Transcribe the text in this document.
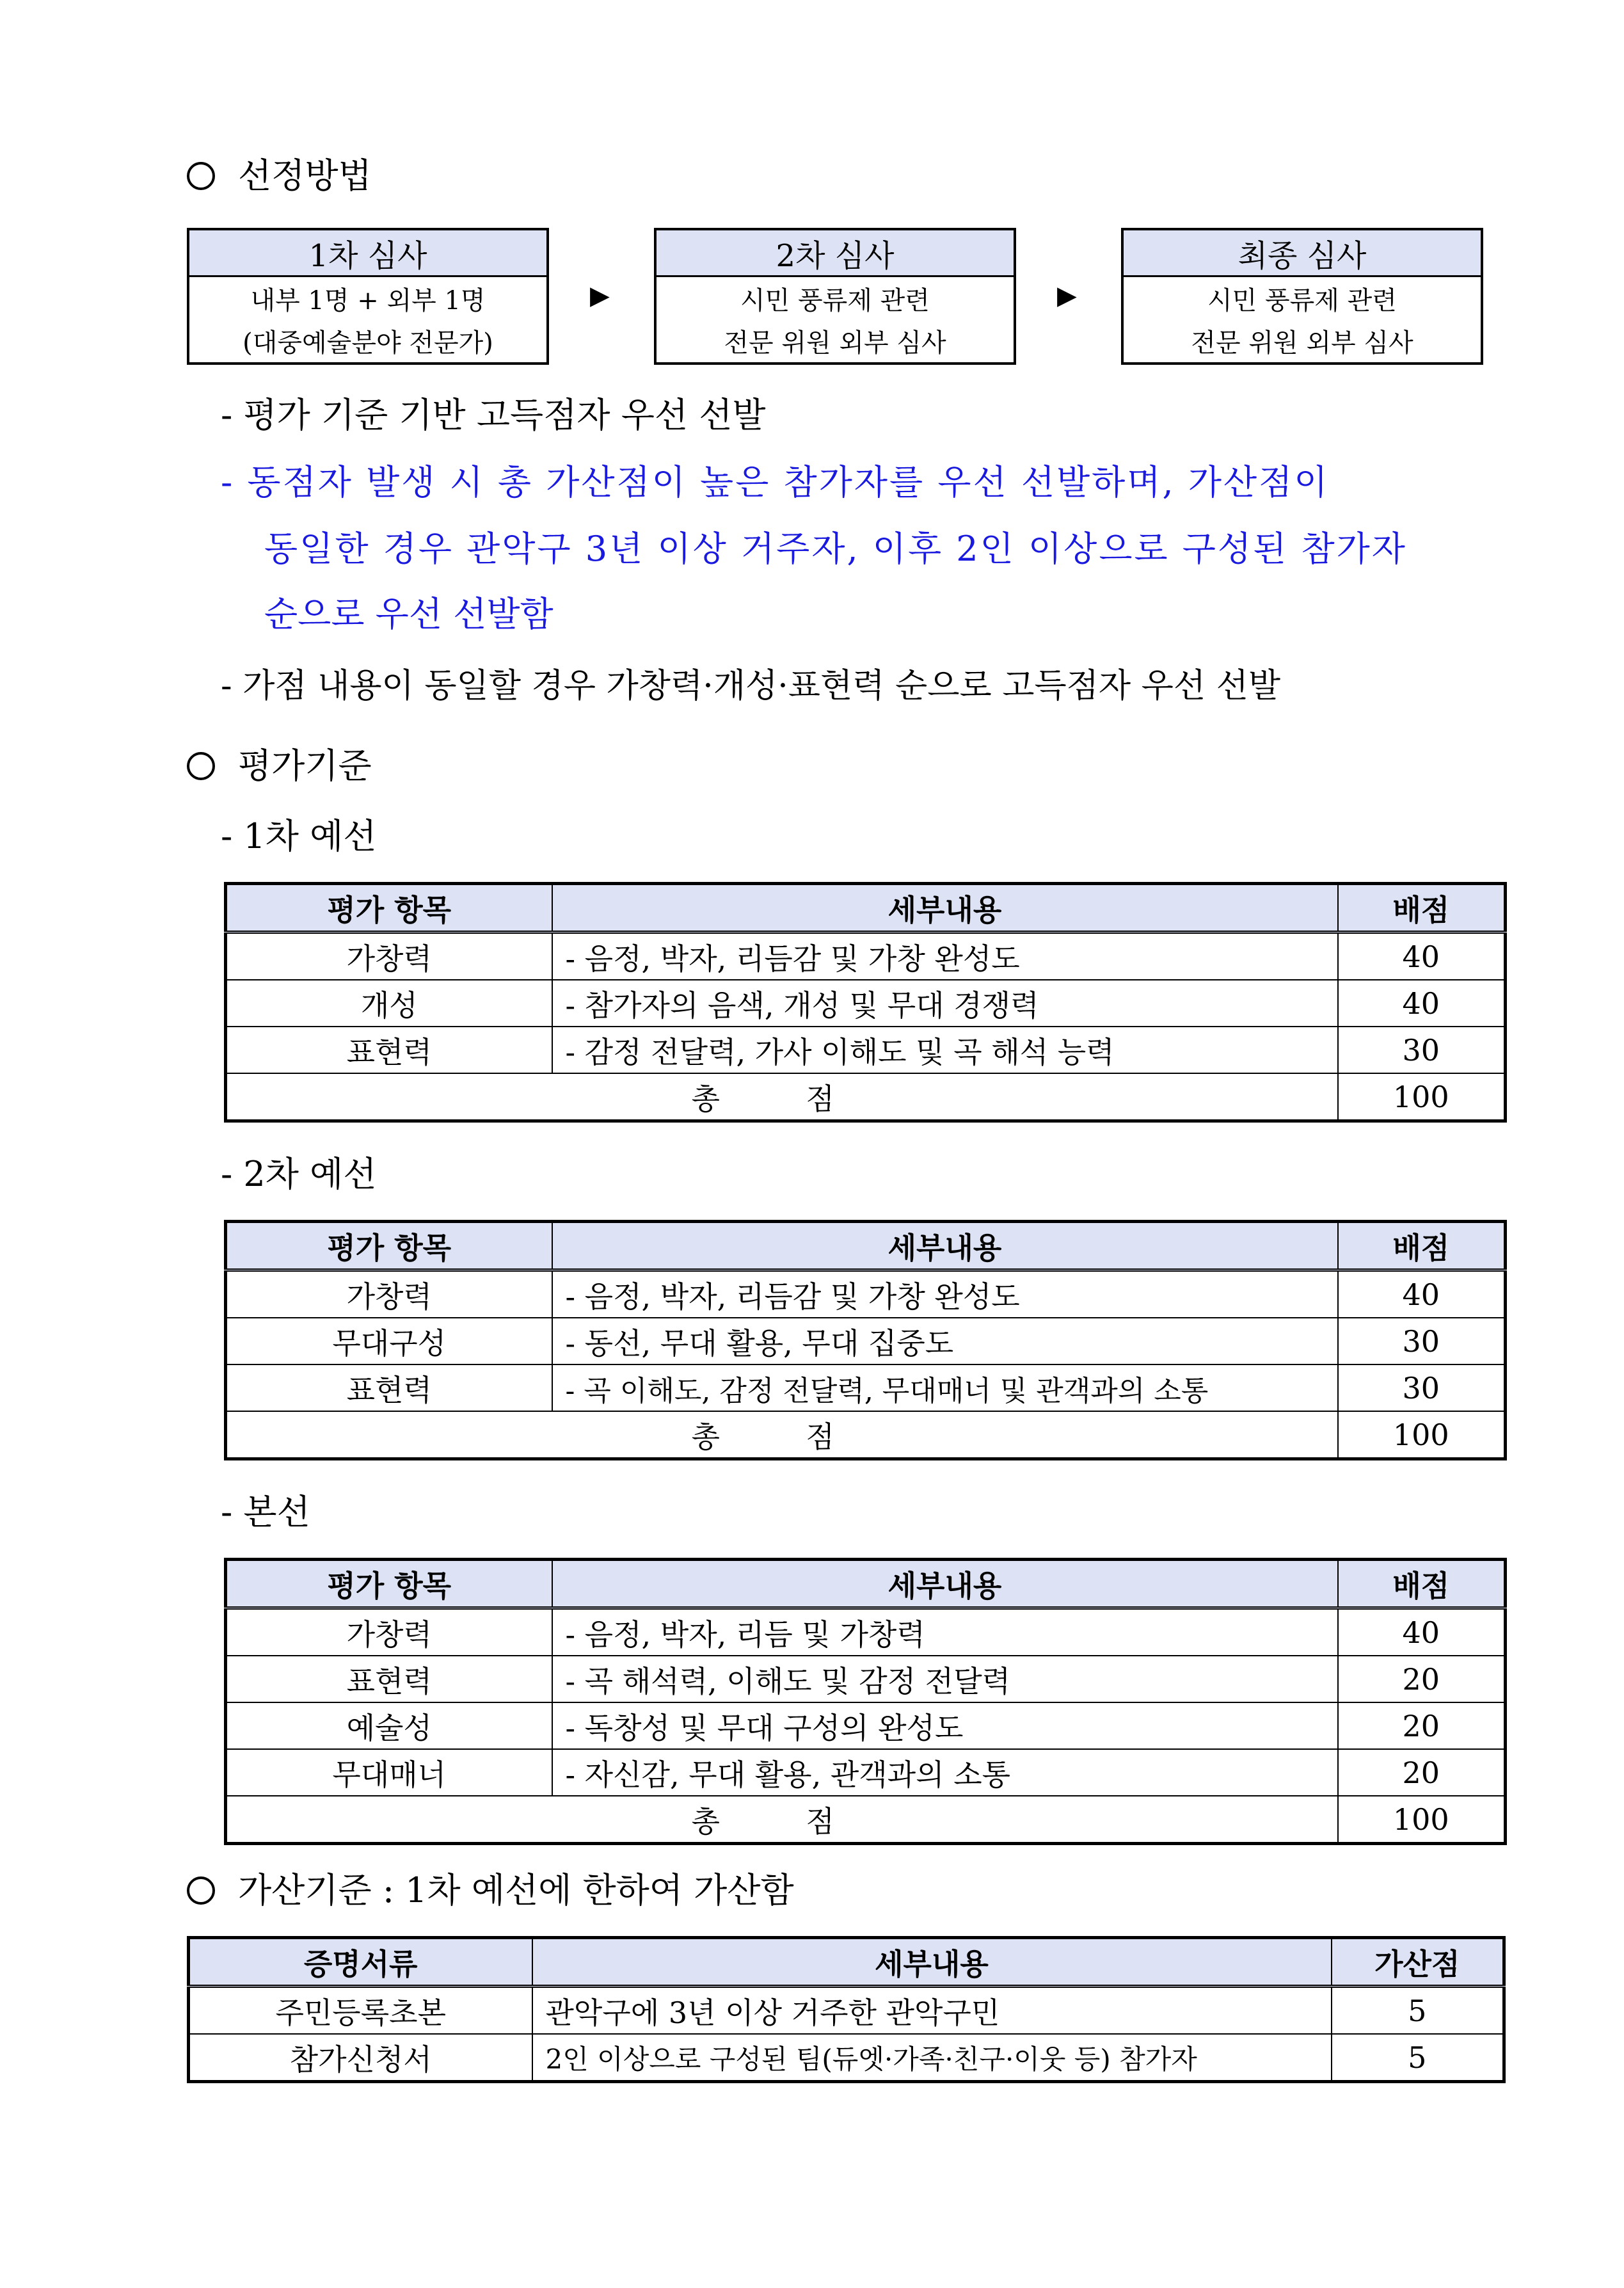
선정방법
1차 심사
내부 1명 + 외부 1명
(대중예술분야 전문가)
▶
2차 심사
시민 풍류제 관련
전문 위원 외부 심사
▶
최종 심사
시민 풍류제 관련
전문 위원 외부 심사
- 평가 기준 기반 고득점자 우선 선발
- 동점자 발생 시 총 가산점이 높은 참가자를 우선 선발하며, 가산점이
동일한 경우 관악구 3년 이상 거주자, 이후 2인 이상으로 구성된 참가자
순으로 우선 선발함
- 가점 내용이 동일할 경우 가창력·개성·표현력 순으로 고득점자 우선 선발
평가기준
- 1차 예선
평가 항목	세부내용	배점
가창력	- 음정, 박자, 리듬감 및 가창 완성도	40
개성	- 참가자의 음색, 개성 및 무대 경쟁력	40
표현력	- 감정 전달력, 가사 이해도 및 곡 해석 능력	30
총 점		100
- 2차 예선
평가 항목	세부내용	배점
가창력	- 음정, 박자, 리듬감 및 가창 완성도	40
무대구성	- 동선, 무대 활용, 무대 집중도	30
표현력	- 곡 이해도, 감정 전달력, 무대매너 및 관객과의 소통	30
총 점		100
- 본선
평가 항목	세부내용	배점
가창력	- 음정, 박자, 리듬 및 가창력	40
표현력	- 곡 해석력, 이해도 및 감정 전달력	20
예술성	- 독창성 및 무대 구성의 완성도	20
무대매너	- 자신감, 무대 활용, 관객과의 소통	20
총 점		100
가산기준 : 1차 예선에 한하여 가산함
증명서류	세부내용	가산점
주민등록초본	관악구에 3년 이상 거주한 관악구민	5
참가신청서	2인 이상으로 구성된 팀(듀엣·가족·친구·이웃 등) 참가자	5
